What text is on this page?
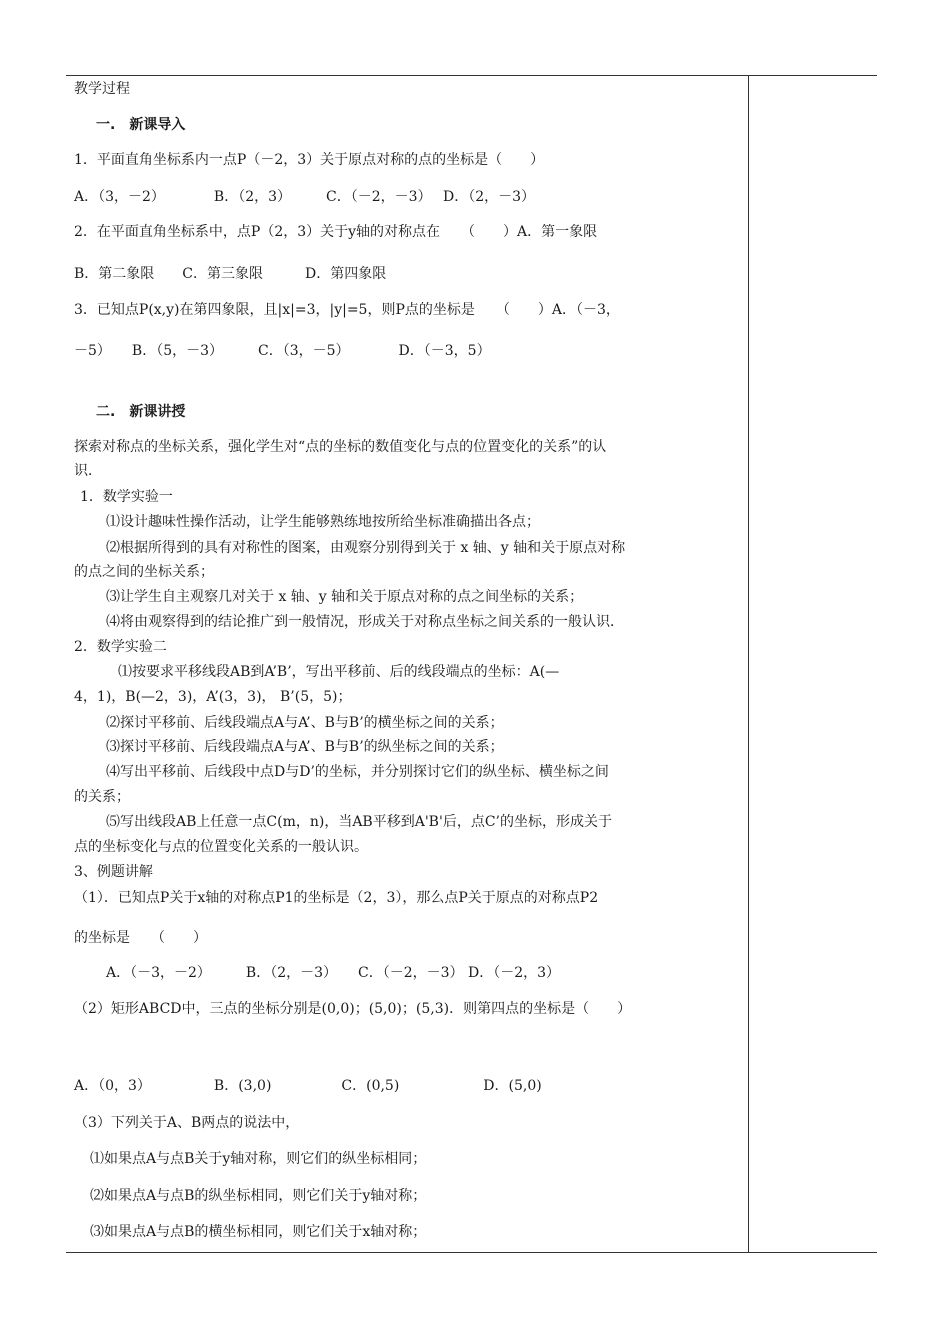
教学过程
一.　新课导入
1．平面直角坐标系内一点P（－2，3）关于原点对称的点的坐标是（　　）
A．（3，－2）　　　　B．（2，3）　　　C．（－2，－3）　 D．（2，－3）
2．在平面直角坐标系中，点P（2，3）关于y轴的对称点在　　（　　）A．第一象限
B．第二象限　　C．第三象限　　　D．第四象限
3．已知点P(x,y)在第四象限，且|x|=3，|y|=5，则P点的坐标是　　（　　）A．（－3，
－5）　　B．（5，－3）　　　C．（3，－5）　　　　D．（－3，5）
二.　新课讲授
探索对称点的坐标关系，强化学生对“点的坐标的数值变化与点的位置变化的关系”的认
识．
1．数学实验一
⑴设计趣味性操作活动，让学生能够熟练地按所给坐标准确描出各点；
⑵根据所得到的具有对称性的图案，由观察分别得到关于 x 轴、y 轴和关于原点对称
的点之间的坐标关系；
⑶让学生自主观察几对关于 x 轴、y 轴和关于原点对称的点之间坐标的关系；
⑷将由观察得到的结论推广到一般情况，形成关于对称点坐标之间关系的一般认识．
2．数学实验二
⑴按要求平移线段AB到A’B’，写出平移前、后的线段端点的坐标：A(—
4，1)，B(—2，3)，A’(3，3)， B’(5，5)；
⑵探讨平移前、后线段端点A与A’、B与B’的横坐标之间的关系；
⑶探讨平移前、后线段端点A与A’、B与B’的纵坐标之间的关系；
⑷写出平移前、后线段中点D与D’的坐标，并分别探讨它们的纵坐标、横坐标之间
的关系；
⑸写出线段AB上任意一点C(m，n)，当AB平移到A'B'后，点C’的坐标，形成关于
点的坐标变化与点的位置变化关系的一般认识。
3、例题讲解
（1）．已知点P关于x轴的对称点P1的坐标是（2，3），那么点P关于原点的对称点P2
的坐标是　　（　　）
A．（－3，－2）　　　B．（2，－3）　　C．（－2，－3） D．（－2，3）
（2）矩形ABCD中，三点的坐标分别是(0,0)；(5,0)；(5,3)．则第四点的坐标是（　　）
A．（0，3）　　　　　B．(3,0)　　　　　C．(0,5)　　　　　　D．(5,0)
（3）下列关于A、B两点的说法中，
⑴如果点A与点B关于y轴对称，则它们的纵坐标相同；
⑵如果点A与点B的纵坐标相同，则它们关于y轴对称；
⑶如果点A与点B的横坐标相同，则它们关于x轴对称；
